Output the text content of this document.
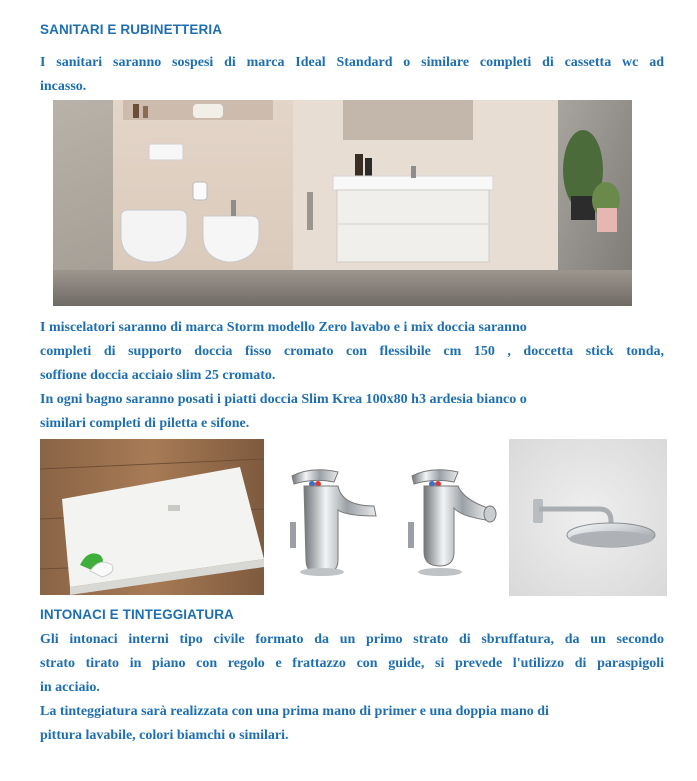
SANITARI E RUBINETTERIA
I sanitari saranno sospesi di marca Ideal Standard o similare completi di cassetta wc ad
incasso.
I miscelatori saranno di marca Storm modello Zero lavabo e i mix doccia saranno
completi di supporto doccia fisso cromato con flessibile cm 150 , doccetta stick tonda,
soffione doccia acciaio slim 25 cromato.
In ogni bagno saranno posati i piatti doccia Slim Krea 100x80 h3 ardesia bianco o
similari completi di piletta e sifone.
INTONACI E TINTEGGIATURA
Gli intonaci interni tipo civile formato da un primo strato di sbruffatura, da un secondo
strato tirato in piano con regolo e frattazzo con guide, si prevede l'utilizzo di paraspigoli
in acciaio.
La tinteggiatura sarà realizzata con una prima mano di primer e una doppia mano di
pittura lavabile, colori biamchi o similari.
